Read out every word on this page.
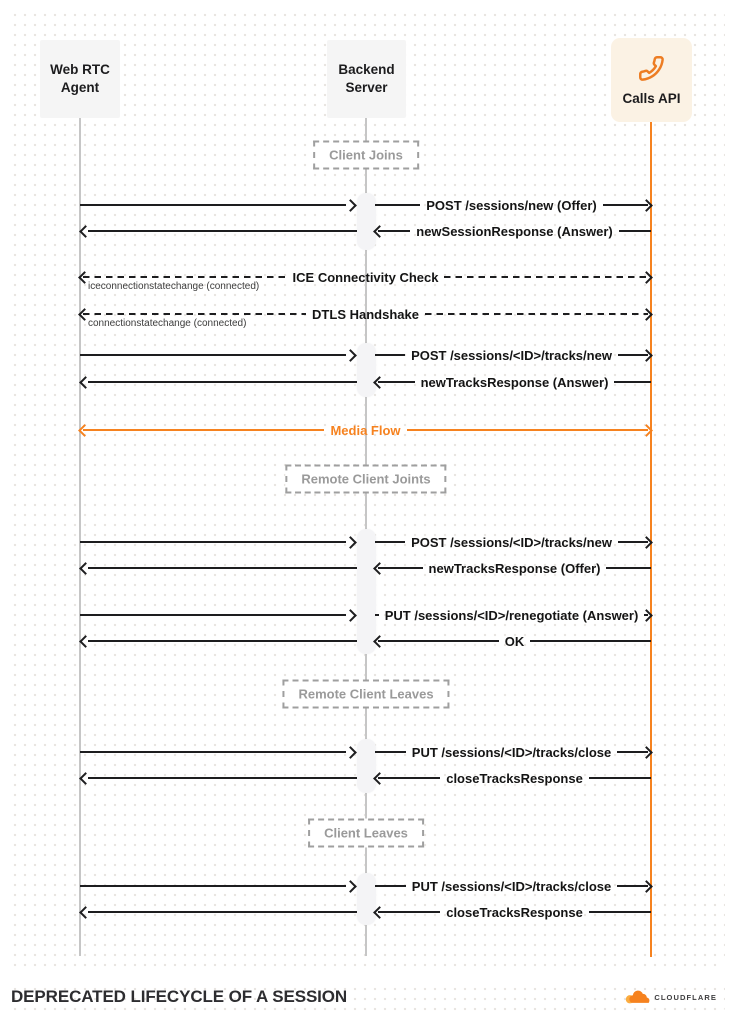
Web RTC Agent
Backend Server
Calls API
Client Joins
POST /sessions/new (Offer)
newSessionResponse (Answer)
ICE Connectivity Check
iceconnectionstatechange (connected)
DTLS Handshake
connectionstatechange (connected)
POST /sessions/<ID>/tracks/new
newTracksResponse (Answer)
Media Flow
Remote Client Joints
POST /sessions/<ID>/tracks/new
newTracksResponse (Offer)
PUT /sessions/<ID>/renegotiate (Answer)
OK
Remote Client Leaves
PUT /sessions/<ID>/tracks/close
closeTracksResponse
Client Leaves
PUT /sessions/<ID>/tracks/close
closeTracksResponse
DEPRECATED LIFECYCLE OF A SESSION	CLOUDFLARE
